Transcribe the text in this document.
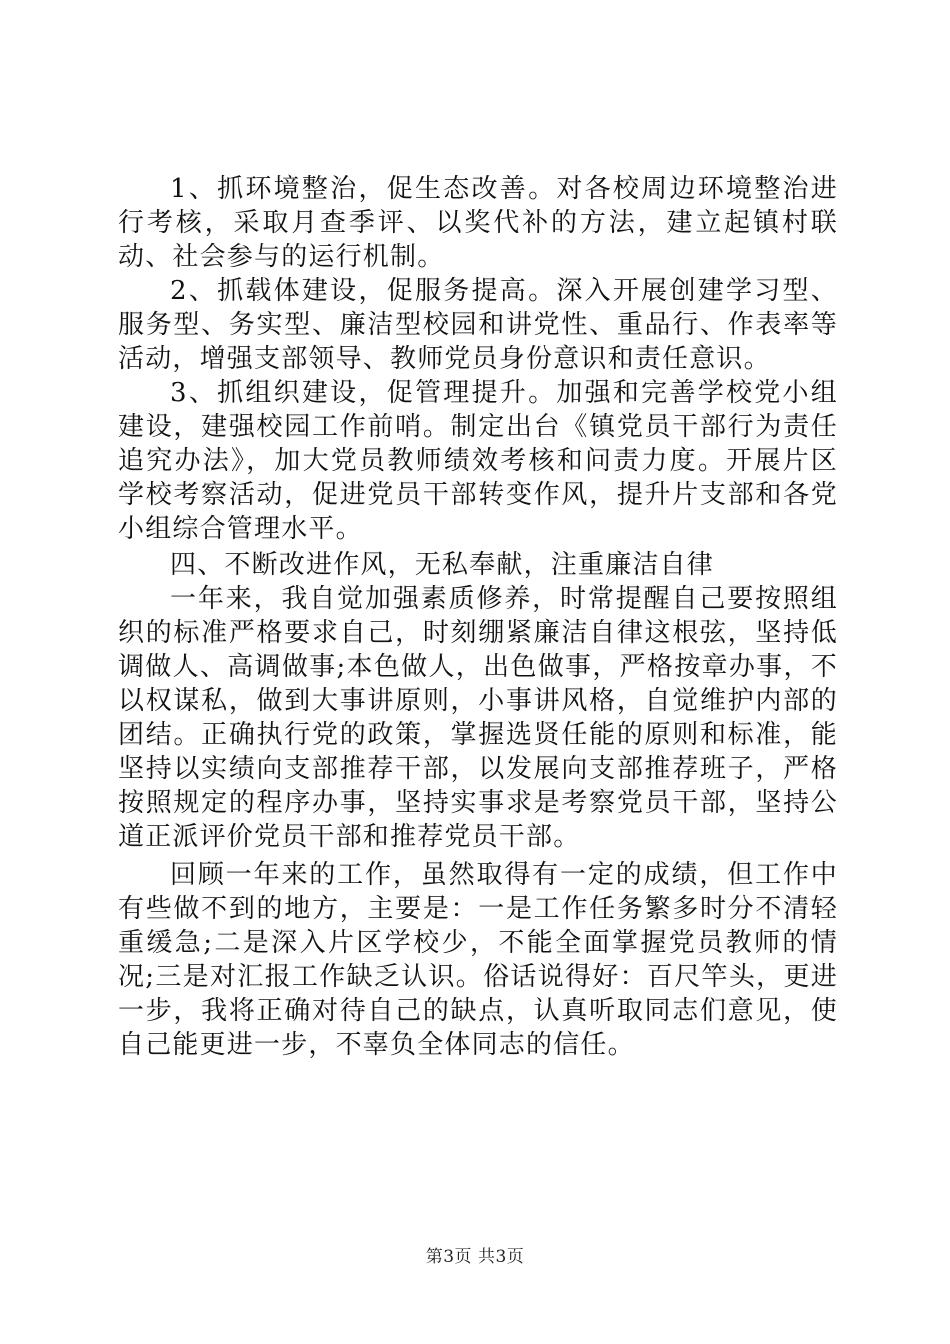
1、抓环境整治，促生态改善。对各校周边环境整治进行考核，采取月查季评、以奖代补的方法，建立起镇村联动、社会参与的运行机制。

2、抓载体建设，促服务提高。深入开展创建学习型、服务型、务实型、廉洁型校园和讲党性、重品行、作表率等活动，增强支部领导、教师党员身份意识和责任意识。

3、抓组织建设，促管理提升。加强和完善学校党小组建设，建强校园工作前哨。制定出台《镇党员干部行为责任追究办法》，加大党员教师绩效考核和问责力度。开展片区学校考察活动，促进党员干部转变作风，提升片支部和各党小组综合管理水平。

四、不断改进作风，无私奉献，注重廉洁自律

一年来，我自觉加强素质修养，时常提醒自己要按照组织的标准严格要求自己，时刻绷紧廉洁自律这根弦，坚持低调做人、高调做事;本色做人，出色做事，严格按章办事，不以权谋私，做到大事讲原则，小事讲风格，自觉维护内部的团结。正确执行党的政策，掌握选贤任能的原则和标准，能坚持以实绩向支部推荐干部，以发展向支部推荐班子，严格按照规定的程序办事，坚持实事求是考察党员干部，坚持公道正派评价党员干部和推荐党员干部。

回顾一年来的工作，虽然取得有一定的成绩，但工作中有些做不到的地方，主要是：一是工作任务繁多时分不清轻重缓急;二是深入片区学校少，不能全面掌握党员教师的情况;三是对汇报工作缺乏认识。俗话说得好：百尺竿头，更进一步，我将正确对待自己的缺点，认真听取同志们意见，使自己能更进一步，不辜负全体同志的信任。

第3页 共3页
